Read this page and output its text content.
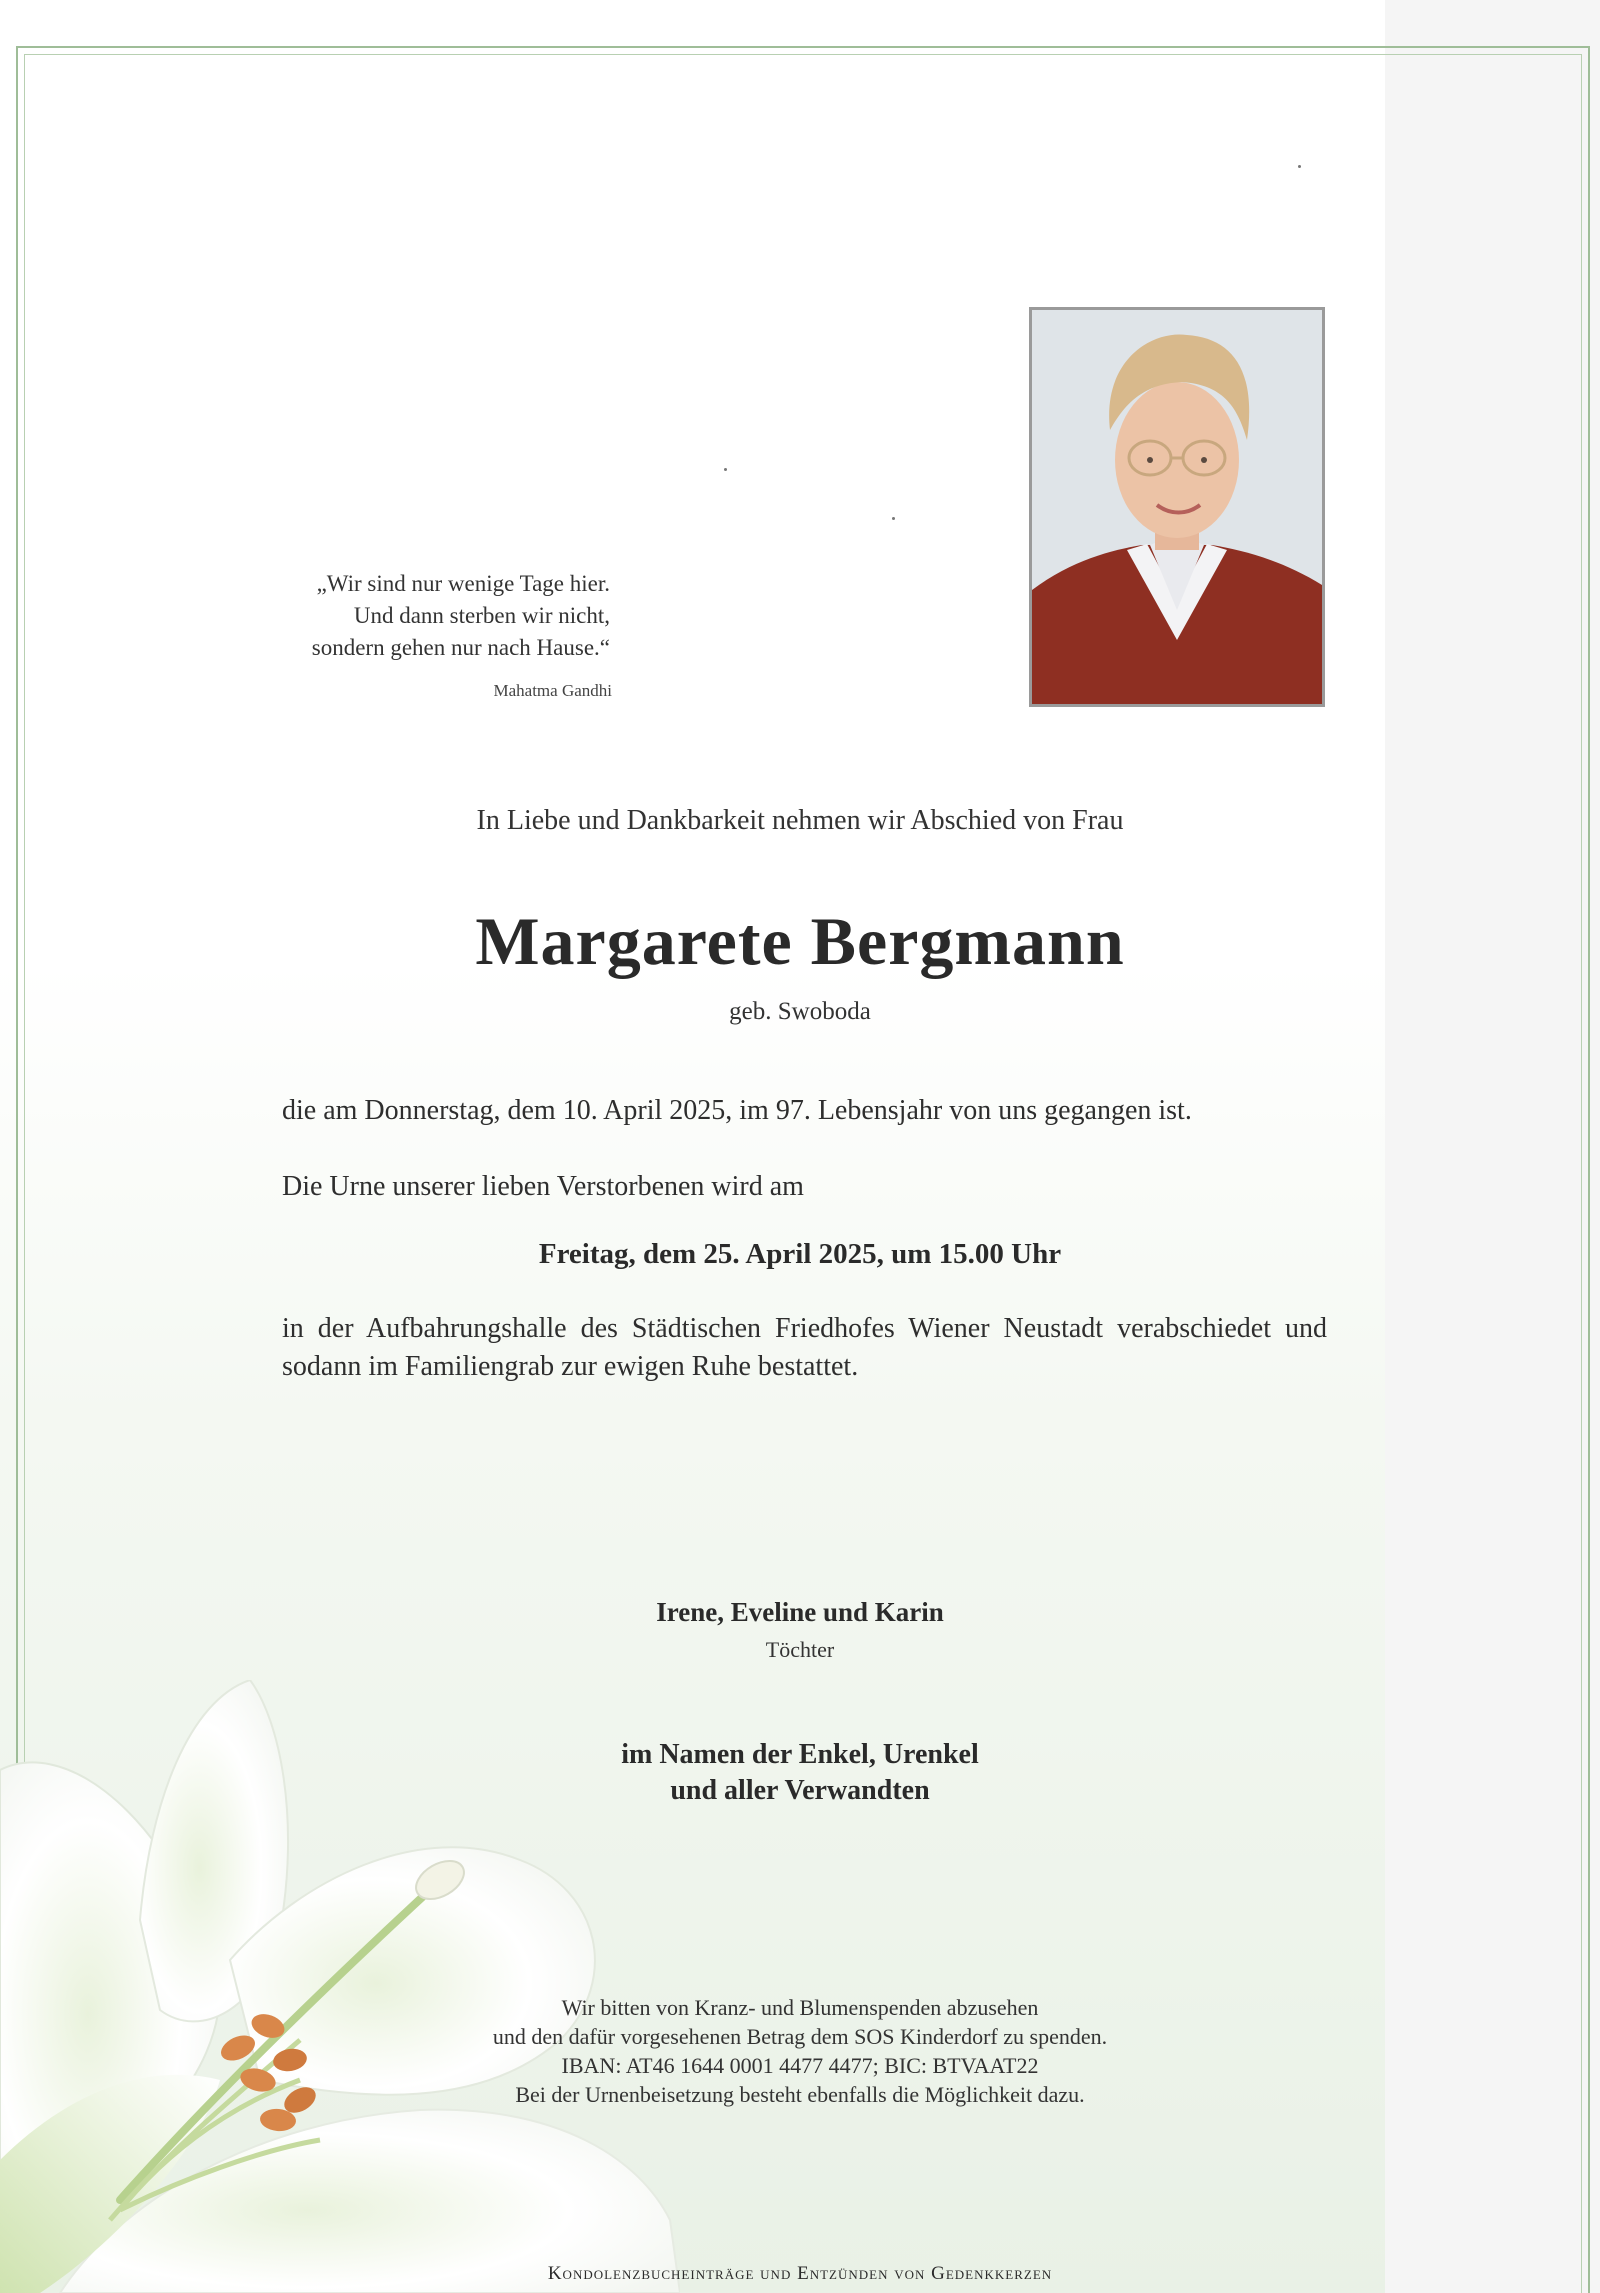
„Wir sind nur wenige Tage hier.
Und dann sterben wir nicht,
sondern gehen nur nach Hause.“
Mahatma Gandhi
In Liebe und Dankbarkeit nehmen wir Abschied von Frau
Margarete Bergmann
geb. Swoboda
die am Donnerstag, dem 10. April 2025, im 97. Lebensjahr von uns gegangen ist.
Die Urne unserer lieben Verstorbenen wird am
Freitag, dem 25. April 2025, um 15.00 Uhr
in der Aufbahrungshalle des Städtischen Friedhofes Wiener Neustadt verabschiedet und sodann im Familiengrab zur ewigen Ruhe bestattet.
Irene, Eveline und Karin
Töchter
im Namen der Enkel, Urenkel
und aller Verwandten
Wir bitten von Kranz- und Blumenspenden abzusehen
und den dafür vorgesehenen Betrag dem SOS Kinderdorf zu spenden.
IBAN: AT46 1644 0001 4477 4477; BIC: BTVAAT22
Bei der Urnenbeisetzung besteht ebenfalls die Möglichkeit dazu.
Kondolenzbucheinträge und Entzünden von Gedenkkerzen
